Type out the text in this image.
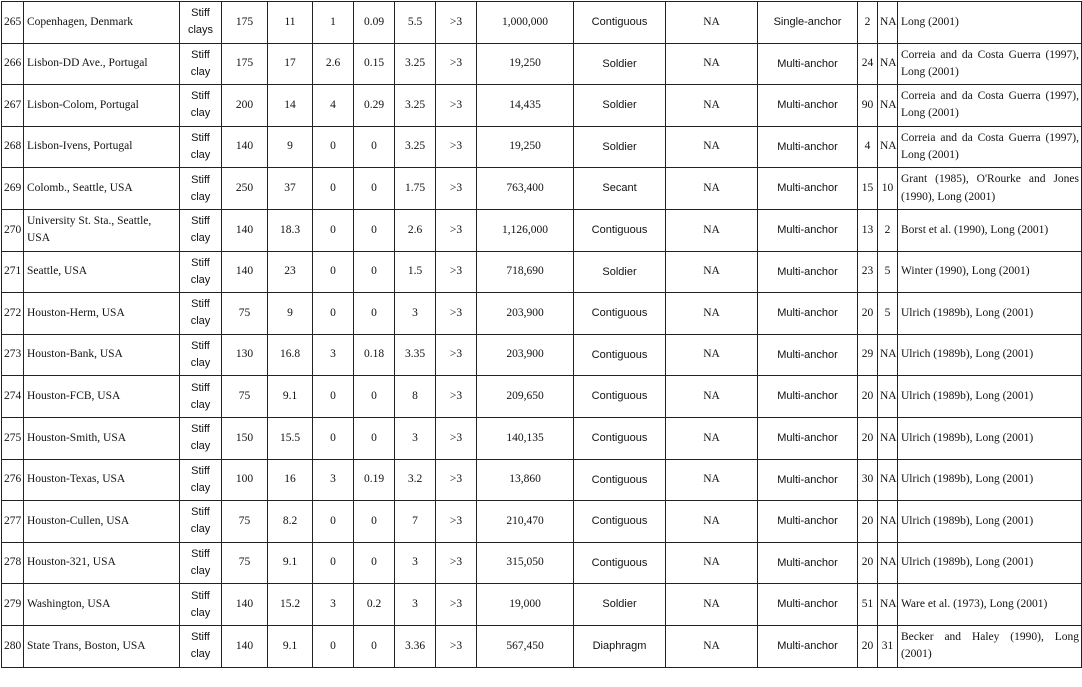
265	Copenhagen, Denmark	Stiff clays	175	11	1	0.09	5.5	>3	1,000,000	Contiguous	NA	Single-anchor	2	NA	Long (2001)
266	Lisbon-DD Ave., Portugal	Stiff clay	175	17	2.6	0.15	3.25	>3	19,250	Soldier	NA	Multi-anchor	24	NA	Correia and da Costa Guerra (1997), Long (2001)
267	Lisbon-Colom, Portugal	Stiff clay	200	14	4	0.29	3.25	>3	14,435	Soldier	NA	Multi-anchor	90	NA	Correia and da Costa Guerra (1997), Long (2001)
268	Lisbon-Ivens, Portugal	Stiff clay	140	9	0	0	3.25	>3	19,250	Soldier	NA	Multi-anchor	4	NA	Correia and da Costa Guerra (1997), Long (2001)
269	Colomb., Seattle, USA	Stiff clay	250	37	0	0	1.75	>3	763,400	Secant	NA	Multi-anchor	15	10	Grant (1985), O'Rourke and Jones (1990), Long (2001)
270	University St. Sta., Seattle, USA	Stiff clay	140	18.3	0	0	2.6	>3	1,126,000	Contiguous	NA	Multi-anchor	13	2	Borst et al. (1990), Long (2001)
271	Seattle, USA	Stiff clay	140	23	0	0	1.5	>3	718,690	Soldier	NA	Multi-anchor	23	5	Winter (1990), Long (2001)
272	Houston-Herm, USA	Stiff clay	75	9	0	0	3	>3	203,900	Contiguous	NA	Multi-anchor	20	5	Ulrich (1989b), Long (2001)
273	Houston-Bank, USA	Stiff clay	130	16.8	3	0.18	3.35	>3	203,900	Contiguous	NA	Multi-anchor	29	NA	Ulrich (1989b), Long (2001)
274	Houston-FCB, USA	Stiff clay	75	9.1	0	0	8	>3	209,650	Contiguous	NA	Multi-anchor	20	NA	Ulrich (1989b), Long (2001)
275	Houston-Smith, USA	Stiff clay	150	15.5	0	0	3	>3	140,135	Contiguous	NA	Multi-anchor	20	NA	Ulrich (1989b), Long (2001)
276	Houston-Texas, USA	Stiff clay	100	16	3	0.19	3.2	>3	13,860	Contiguous	NA	Multi-anchor	30	NA	Ulrich (1989b), Long (2001)
277	Houston-Cullen, USA	Stiff clay	75	8.2	0	0	7	>3	210,470	Contiguous	NA	Multi-anchor	20	NA	Ulrich (1989b), Long (2001)
278	Houston-321, USA	Stiff clay	75	9.1	0	0	3	>3	315,050	Contiguous	NA	Multi-anchor	20	NA	Ulrich (1989b), Long (2001)
279	Washington, USA	Stiff clay	140	15.2	3	0.2	3	>3	19,000	Soldier	NA	Multi-anchor	51	NA	Ware et al. (1973), Long (2001)
280	State Trans, Boston, USA	Stiff clay	140	9.1	0	0	3.36	>3	567,450	Diaphragm	NA	Multi-anchor	20	31	Becker and Haley (1990), Long (2001)
